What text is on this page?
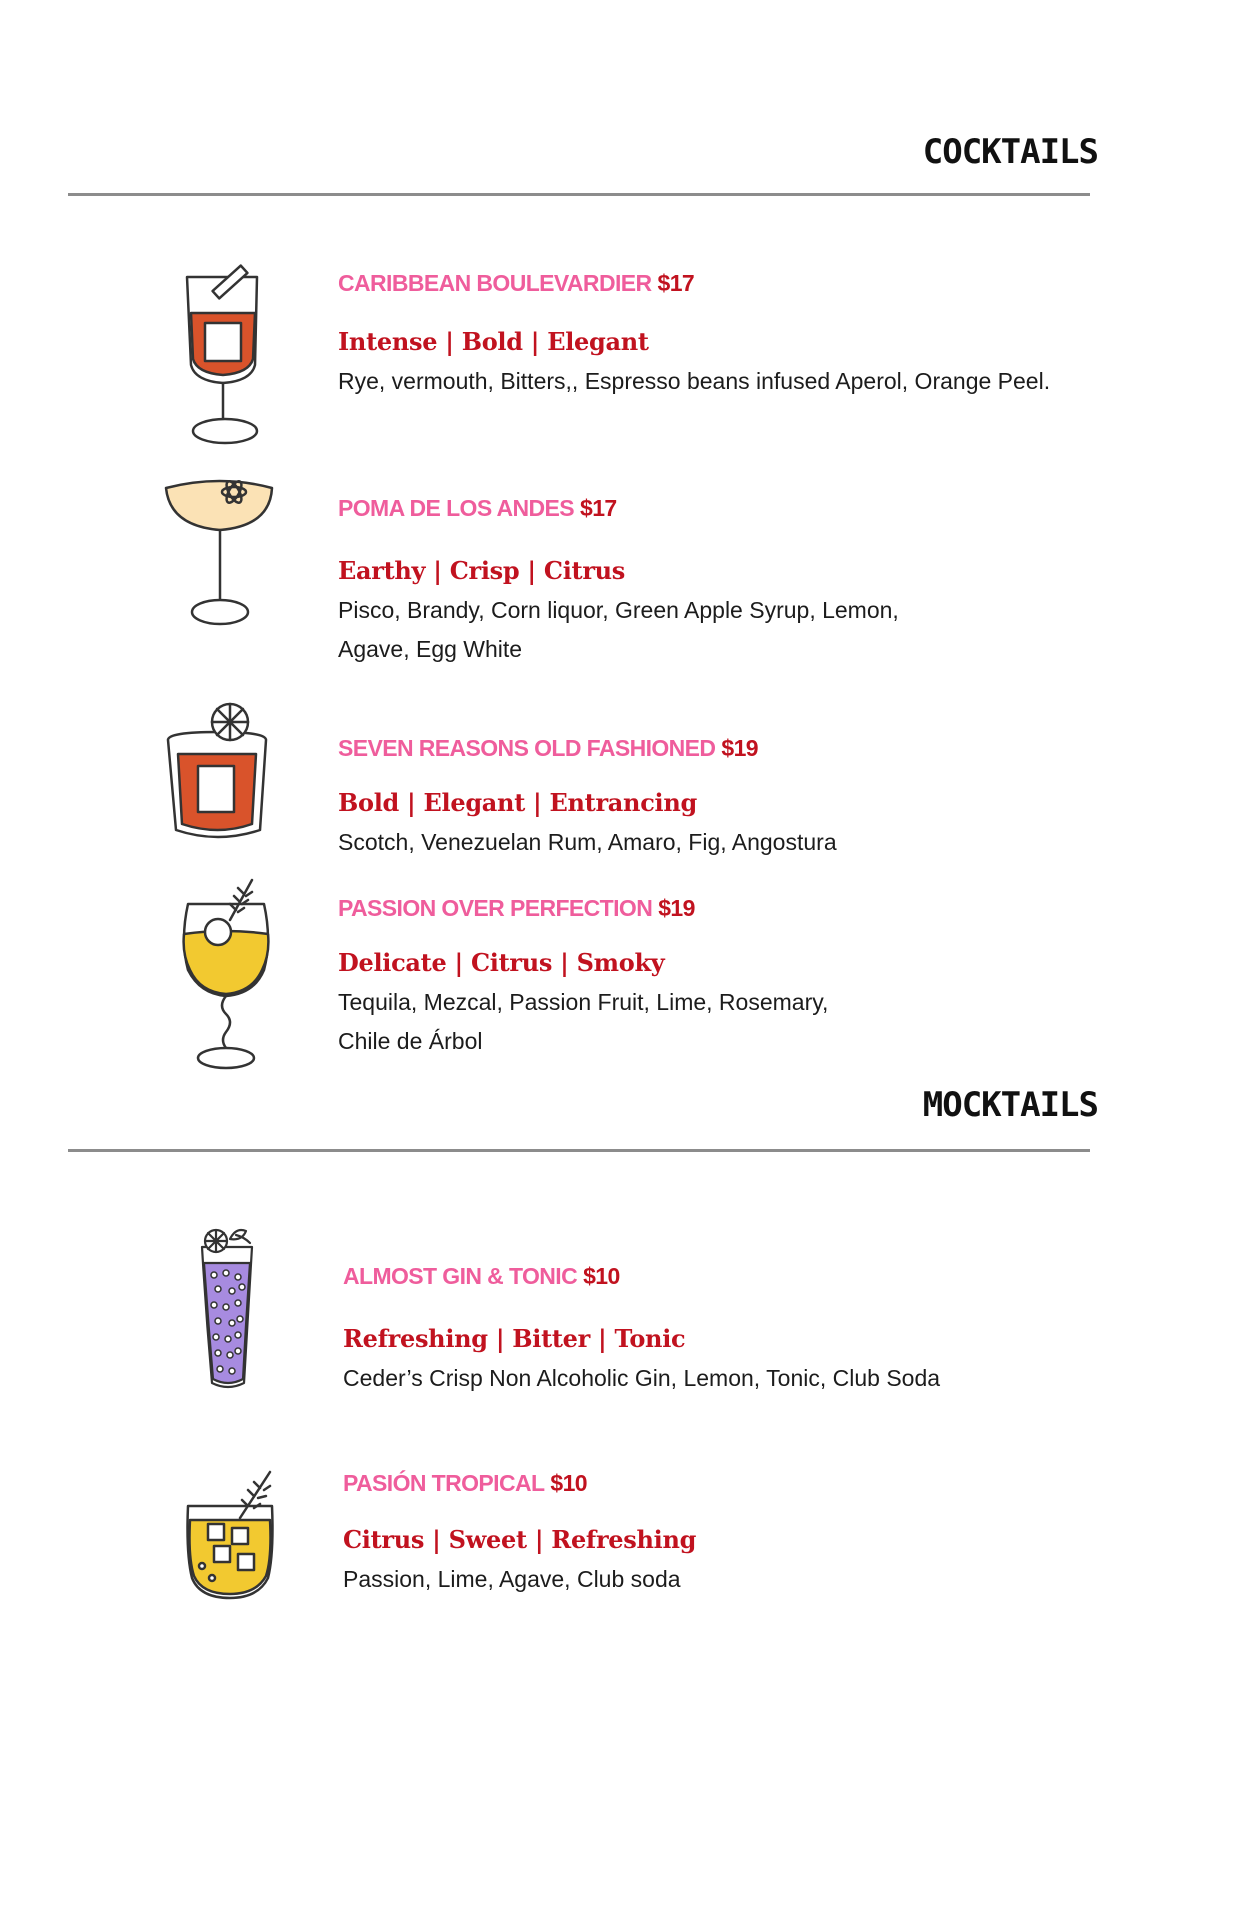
COCKTAILS
CARIBBEAN BOULEVARDIER $17
Intense | Bold | Elegant
Rye, vermouth, Bitters,, Espresso beans infused Aperol, Orange Peel.
POMA DE LOS ANDES $17
Earthy | Crisp | Citrus
Pisco, Brandy, Corn liquor, Green Apple Syrup, Lemon,
Agave, Egg White
SEVEN REASONS OLD FASHIONED $19
Bold | Elegant | Entrancing
Scotch, Venezuelan Rum, Amaro, Fig, Angostura
PASSION OVER PERFECTION $19
Delicate | Citrus | Smoky
Tequila, Mezcal, Passion Fruit, Lime, Rosemary,
Chile de Árbol
MOCKTAILS
ALMOST GIN & TONIC $10
Refreshing | Bitter | Tonic
Ceder’s Crisp Non Alcoholic Gin, Lemon, Tonic, Club Soda
PASIÓN TROPICAL $10
Citrus | Sweet | Refreshing
Passion, Lime, Agave, Club soda
